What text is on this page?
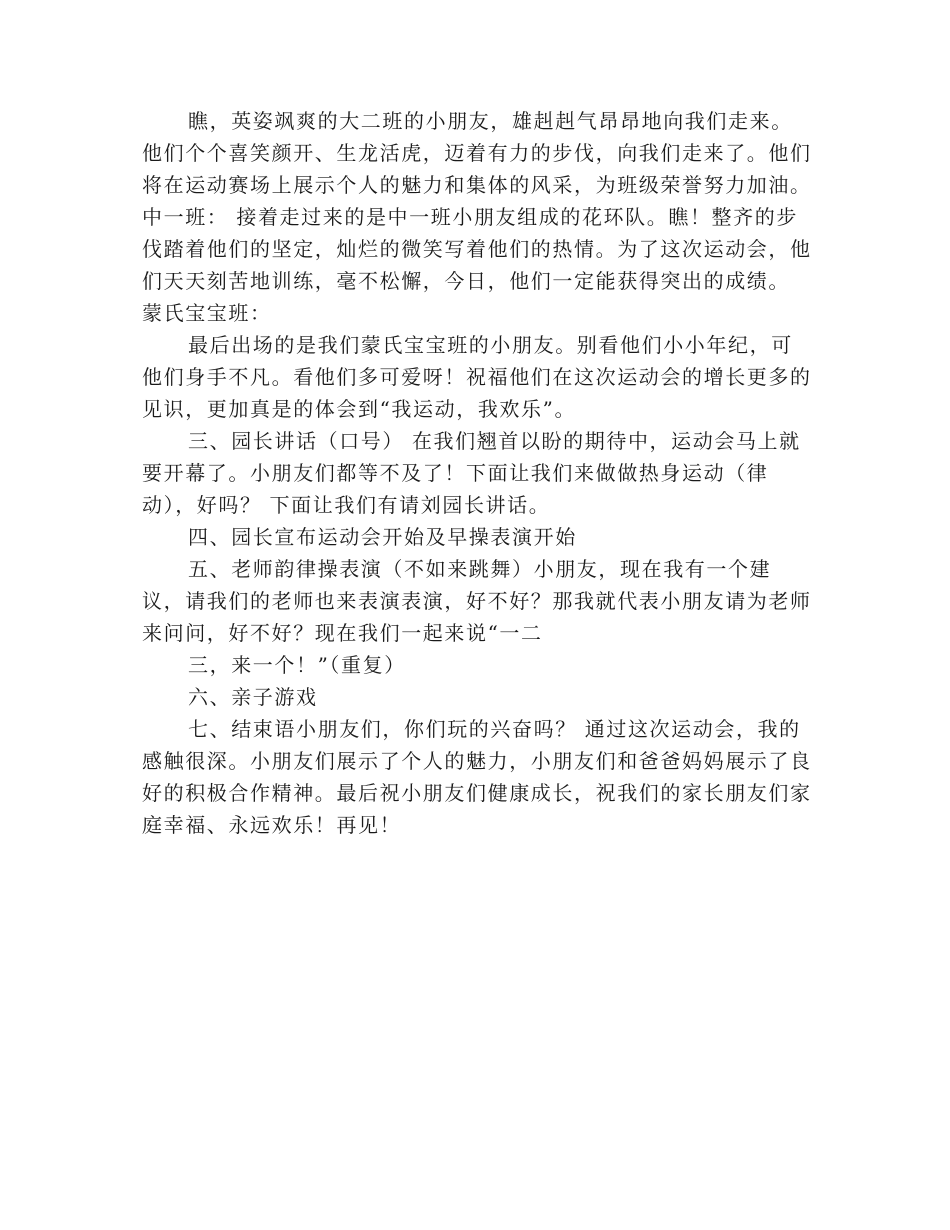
瞧，英姿飒爽的大二班的小朋友，雄赳赳气昂昂地向我们走来。他们个个喜笑颜开、生龙活虎，迈着有力的步伐，向我们走来了。他们将在运动赛场上展示个人的魅力和集体的风采，为班级荣誉努力加油。 中一班： 接着走过来的是中一班小朋友组成的花环队。瞧！整齐的步伐踏着他们的坚定，灿烂的微笑写着他们的热情。为了这次运动会，他们天天刻苦地训练，毫不松懈，今日，他们一定能获得突出的成绩。 蒙氏宝宝班：

最后出场的是我们蒙氏宝宝班的小朋友。别看他们小小年纪，可他们身手不凡。看他们多可爱呀！祝福他们在这次运动会的增长更多的见识，更加真是的体会到“我运动，我欢乐”。

三、园长讲话（口号） 在我们翘首以盼的期待中，运动会马上就要开幕了。小朋友们都等不及了！下面让我们来做做热身运动（律动），好吗？ 下面让我们有请刘园长讲话。

四、园长宣布运动会开始及早操表演开始

五、老师韵律操表演（不如来跳舞）小朋友，现在我有一个建议，请我们的老师也来表演表演，好不好？那我就代表小朋友请为老师来问问，好不好？现在我们一起来说“一二

三，来一个！”（重复）

六、亲子游戏

七、结束语小朋友们，你们玩的兴奋吗？ 通过这次运动会，我的感触很深。小朋友们展示了个人的魅力，小朋友们和爸爸妈妈展示了良好的积极合作精神。最后祝小朋友们健康成长，祝我们的家长朋友们家庭幸福、永远欢乐！再见！
